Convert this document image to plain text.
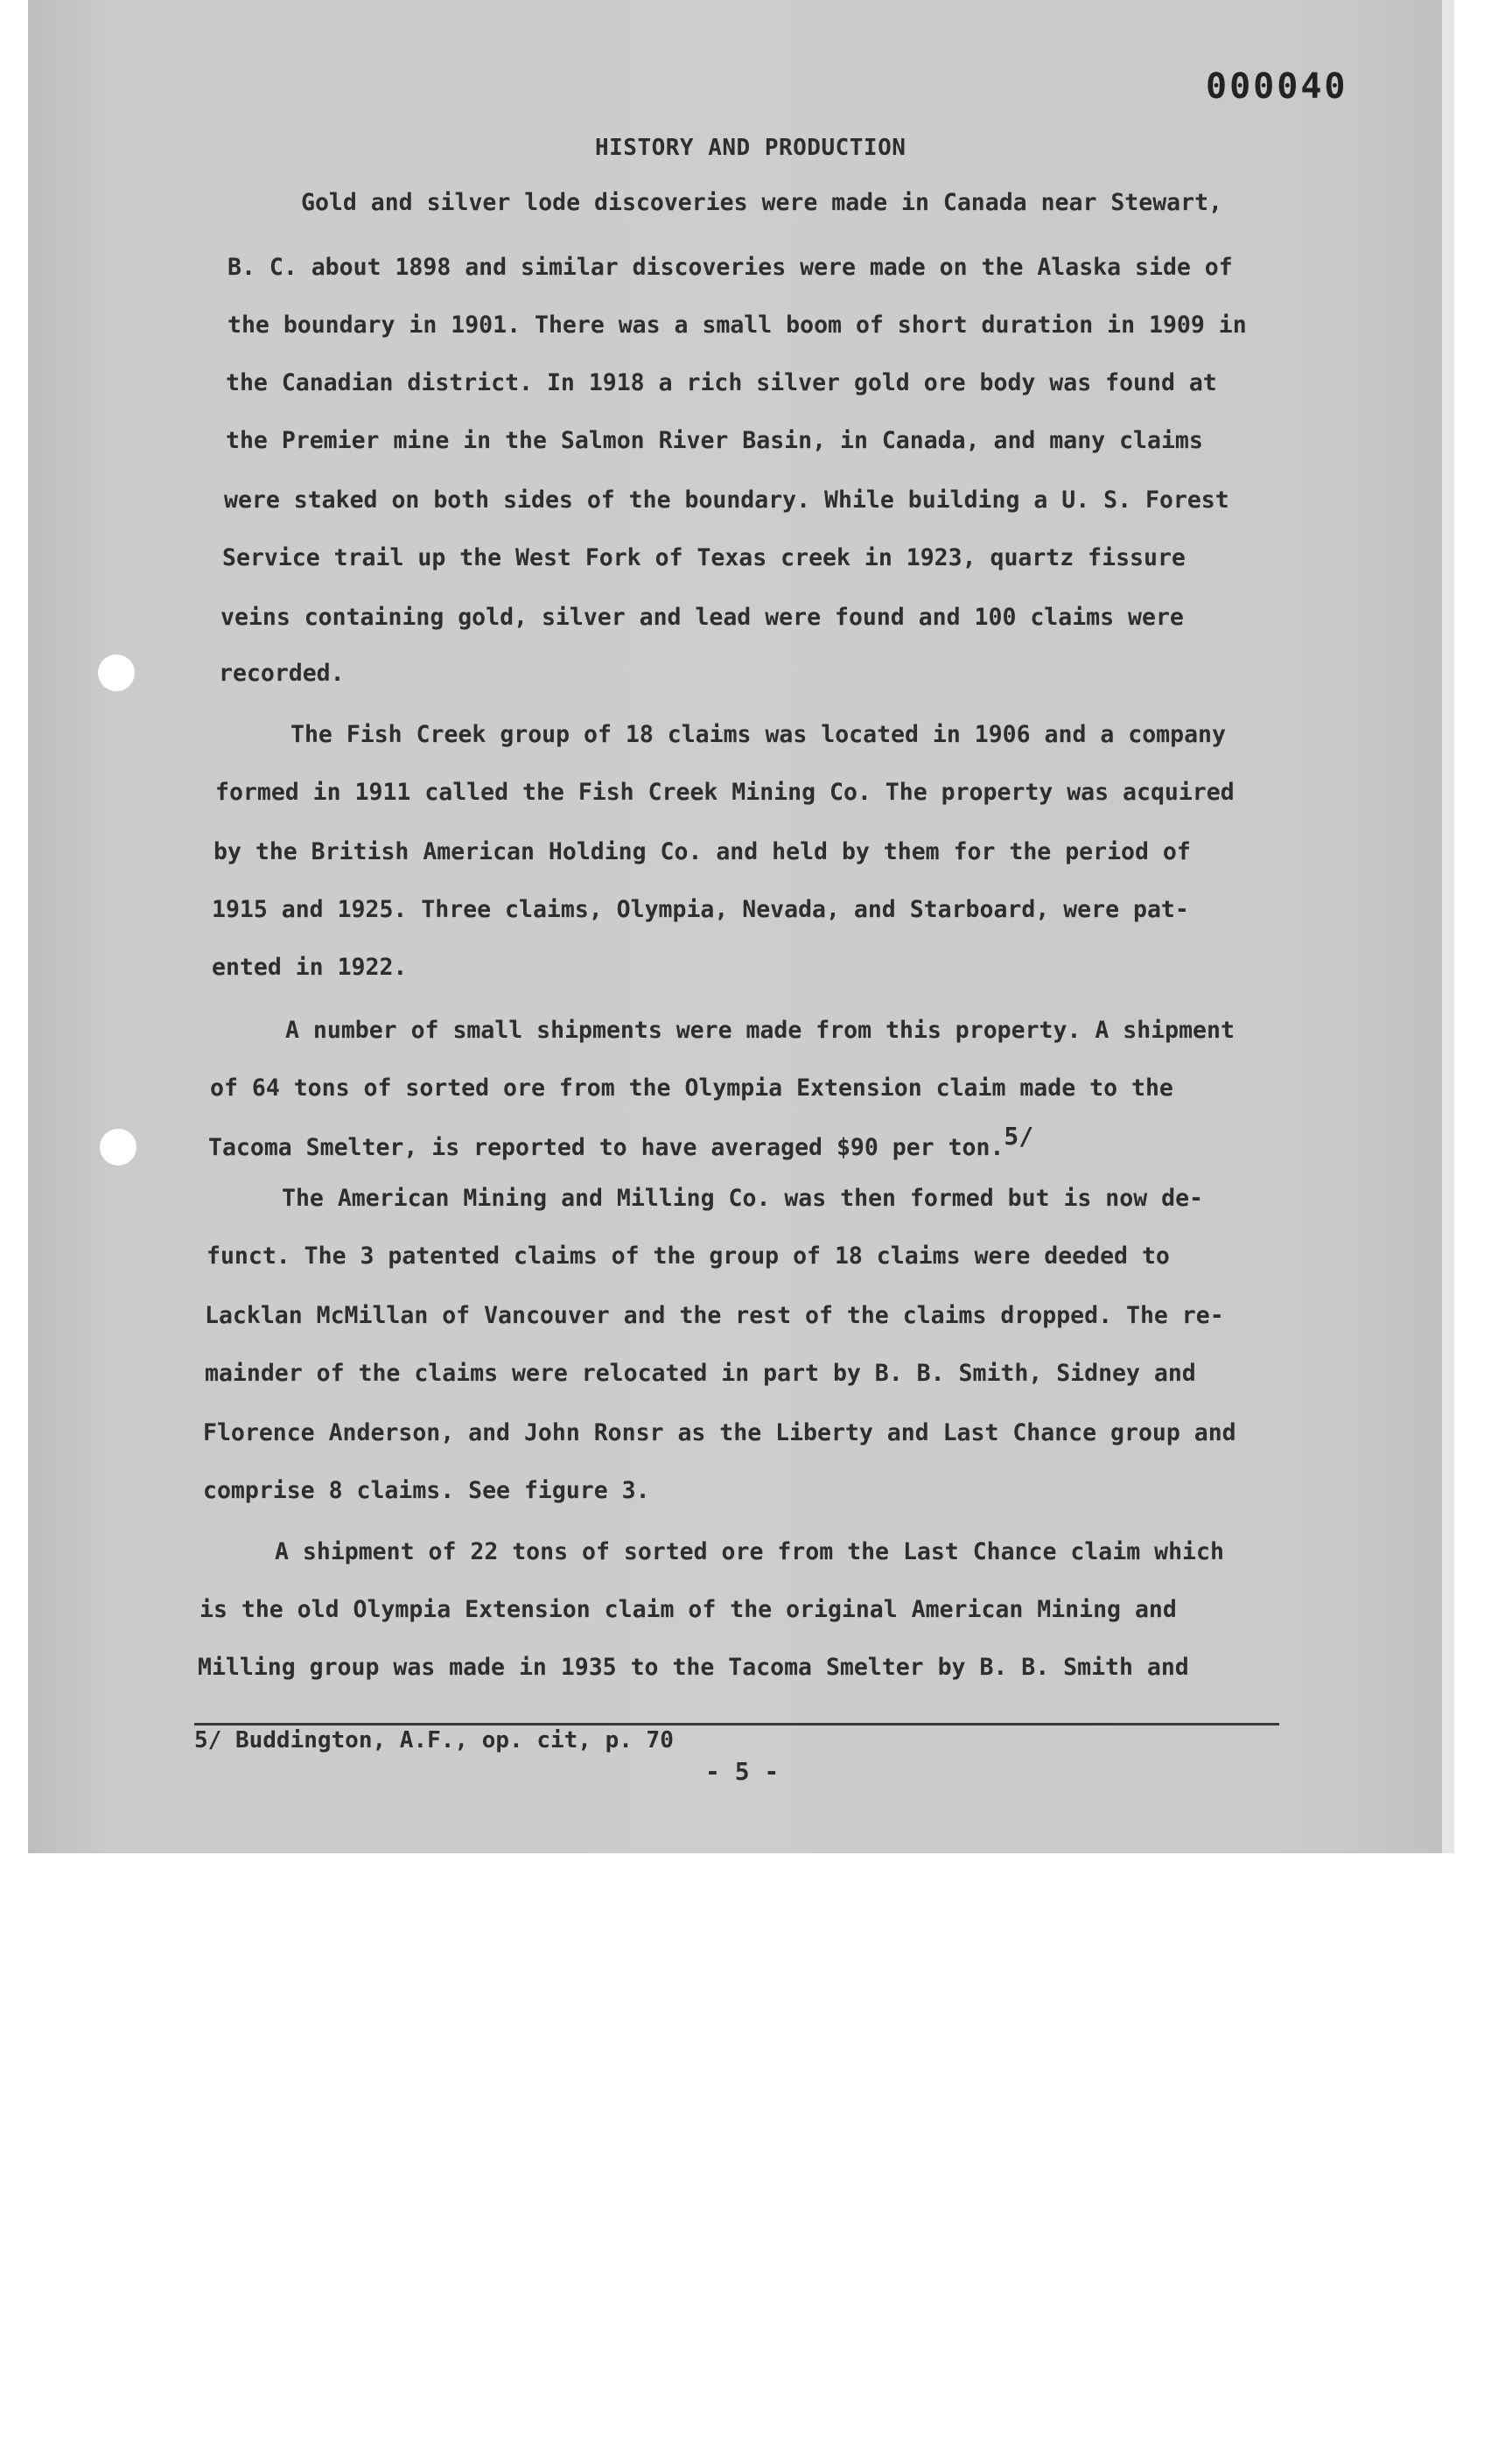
000040
HISTORY AND PRODUCTION
Gold and silver lode discoveries were made in Canada near Stewart,
B. C. about 1898 and similar discoveries were made on the Alaska side of
the boundary in 1901. There was a small boom of short duration in 1909 in
the Canadian district. In 1918 a rich silver gold ore body was found at
the Premier mine in the Salmon River Basin, in Canada, and many claims
were staked on both sides of the boundary. While building a U. S. Forest
Service trail up the West Fork of Texas creek in 1923, quartz fissure
veins containing gold, silver and lead were found and 100 claims were
recorded.
The Fish Creek group of 18 claims was located in 1906 and a company
formed in 1911 called the Fish Creek Mining Co. The property was acquired
by the British American Holding Co. and held by them for the period of
1915 and 1925. Three claims, Olympia, Nevada, and Starboard, were pat-
ented in 1922.
A number of small shipments were made from this property. A shipment
of 64 tons of sorted ore from the Olympia Extension claim made to the
Tacoma Smelter, is reported to have averaged $90 per ton.5/
The American Mining and Milling Co. was then formed but is now de-
funct. The 3 patented claims of the group of 18 claims were deeded to
Lacklan McMillan of Vancouver and the rest of the claims dropped. The re-
mainder of the claims were relocated in part by B. B. Smith, Sidney and
Florence Anderson, and John Ronsr as the Liberty and Last Chance group and
comprise 8 claims. See figure 3.
A shipment of 22 tons of sorted ore from the Last Chance claim which
is the old Olympia Extension claim of the original American Mining and
Milling group was made in 1935 to the Tacoma Smelter by B. B. Smith and
5/ Buddington, A.F., op. cit, p. 70
- 5 -
